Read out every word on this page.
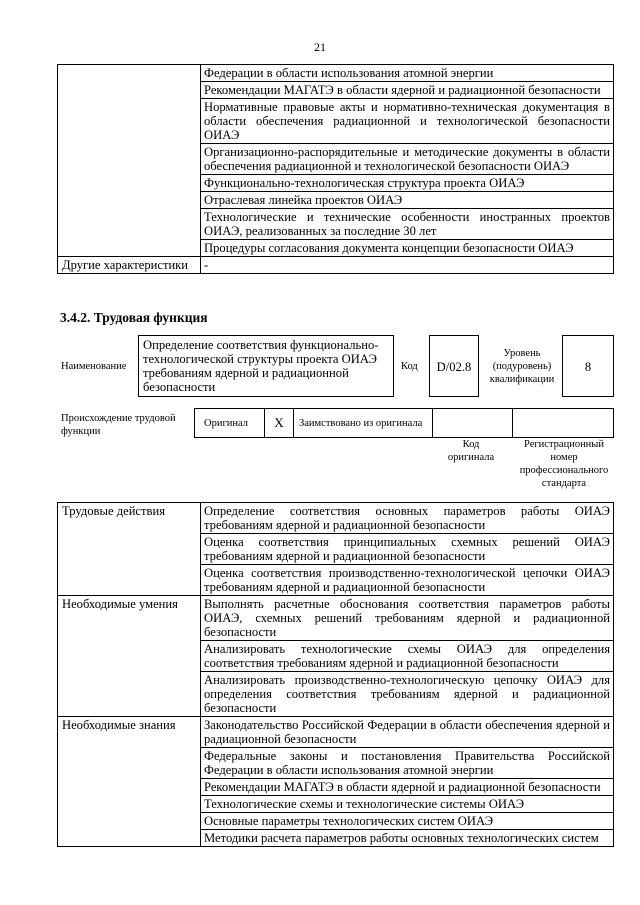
21
	Федерации в области использования атомной энергии
	Рекомендации МАГАТЭ в области ядерной и радиационной безопасности
	Нормативные правовые акты и нормативно-техническая документация в области обеспечения радиационной и технологической безопасности ОИАЭ
	Организационно-распорядительные и методические документы в области обеспечения радиационной и технологической безопасности ОИАЭ
	Функционально-технологическая структура проекта ОИАЭ
	Отраслевая линейка проектов ОИАЭ
	Технологические и технические особенности иностранных проектов ОИАЭ, реализованных за последние 30 лет
	Процедуры согласования документа концепции безопасности ОИАЭ
Другие характеристики	-
3.4.2. Трудовая функция
Наименование
Определение соответствия функционально-технологической структуры проекта ОИАЭ требованиям ядерной и радиационной безопасности
Код	D/02.8
Уровень (подуровень) квалификации
8
Происхождение трудовой функции
Оригинал	X	Заимствовано из оригинала
Код оригинала
Регистрационный номер профессионального стандарта
Трудовые действия	Определение соответствия основных параметров работы ОИАЭ требованиям ядерной и радиационной безопасности
	Оценка соответствия принципиальных схемных решений ОИАЭ требованиям ядерной и радиационной безопасности
	Оценка соответствия производственно-технологической цепочки ОИАЭ требованиям ядерной и радиационной безопасности
Необходимые умения	Выполнять расчетные обоснования соответствия параметров работы ОИАЭ, схемных решений требованиям ядерной и радиационной безопасности
	Анализировать технологические схемы ОИАЭ для определения соответствия требованиям ядерной и радиационной безопасности
	Анализировать производственно-технологическую цепочку ОИАЭ для определения соответствия требованиям ядерной и радиационной безопасности
Необходимые знания	Законодательство Российской Федерации в области обеспечения ядерной и радиационной безопасности
	Федеральные законы и постановления Правительства Российской Федерации в области использования атомной энергии
	Рекомендации МАГАТЭ в области ядерной и радиационной безопасности
	Технологические схемы и технологические системы ОИАЭ
	Основные параметры технологических систем ОИАЭ
	Методики расчета параметров работы основных технологических систем
